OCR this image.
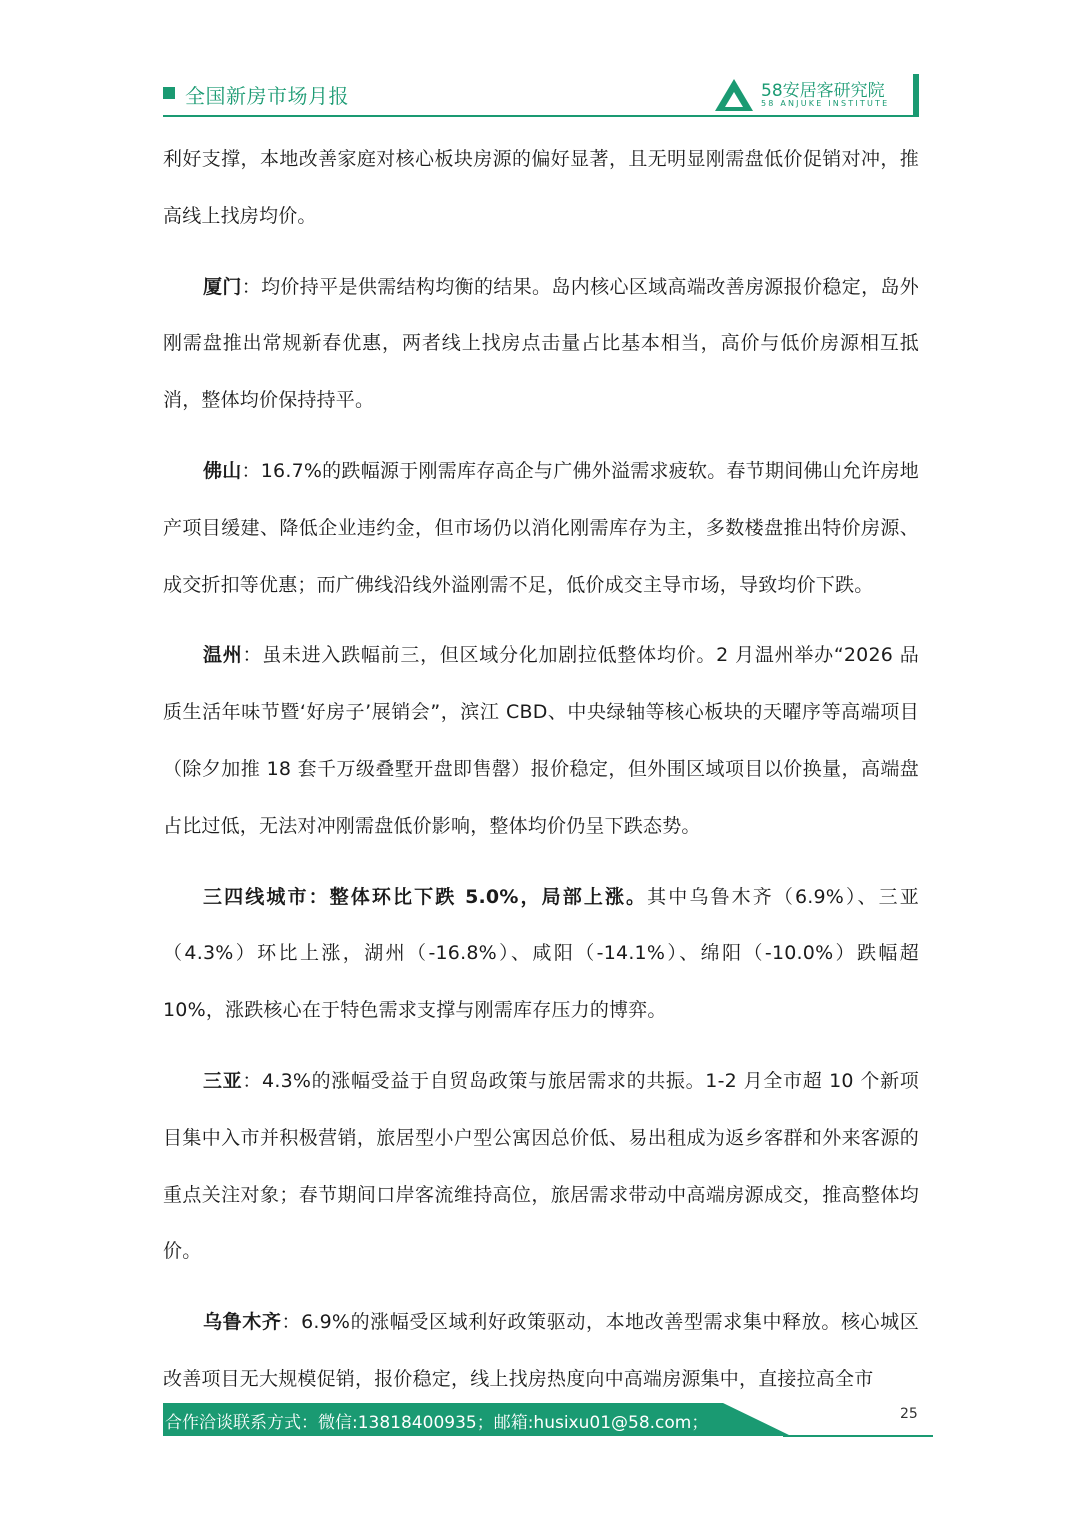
全国新房市场月报	58安居客研究院
58 ANJUKE INSTITUTE

利好支撑，本地改善家庭对核心板块房源的偏好显著，且无明显刚需盘低价促销对冲，推高线上找房均价。

厦门：均价持平是供需结构均衡的结果。岛内核心区域高端改善房源报价稳定，岛外刚需盘推出常规新春优惠，两者线上找房点击量占比基本相当，高价与低价房源相互抵消，整体均价保持持平。

佛山：16.7%的跌幅源于刚需库存高企与广佛外溢需求疲软。春节期间佛山允许房地产项目缓建、降低企业违约金，但市场仍以消化刚需库存为主，多数楼盘推出特价房源、成交折扣等优惠；而广佛线沿线外溢刚需不足，低价成交主导市场，导致均价下跌。

温州：虽未进入跌幅前三，但区域分化加剧拉低整体均价。2 月温州举办“2026 品质生活年味节暨‘好房子’展销会”，滨江 CBD、中央绿轴等核心板块的天曜序等高端项目（除夕加推 18 套千万级叠墅开盘即售罄）报价稳定，但外围区域项目以价换量，高端盘占比过低，无法对冲刚需盘低价影响，整体均价仍呈下跌态势。

三四线城市：整体环比下跌 5.0%，局部上涨。其中乌鲁木齐（6.9%）、三亚（4.3%）环比上涨，湖州（-16.8%）、咸阳（-14.1%）、绵阳（-10.0%）跌幅超 10%，涨跌核心在于特色需求支撑与刚需库存压力的博弈。

三亚：4.3%的涨幅受益于自贸岛政策与旅居需求的共振。1-2 月全市超 10 个新项目集中入市并积极营销，旅居型小户型公寓因总价低、易出租成为返乡客群和外来客源的重点关注对象；春节期间口岸客流维持高位，旅居需求带动中高端房源成交，推高整体均价。

乌鲁木齐：6.9%的涨幅受区域利好政策驱动，本地改善型需求集中释放。核心城区改善项目无大规模促销，报价稳定，线上找房热度向中高端房源集中，直接拉高全市

合作洽谈联系方式：微信:13818400935；邮箱:husixu01@58.com；	25
